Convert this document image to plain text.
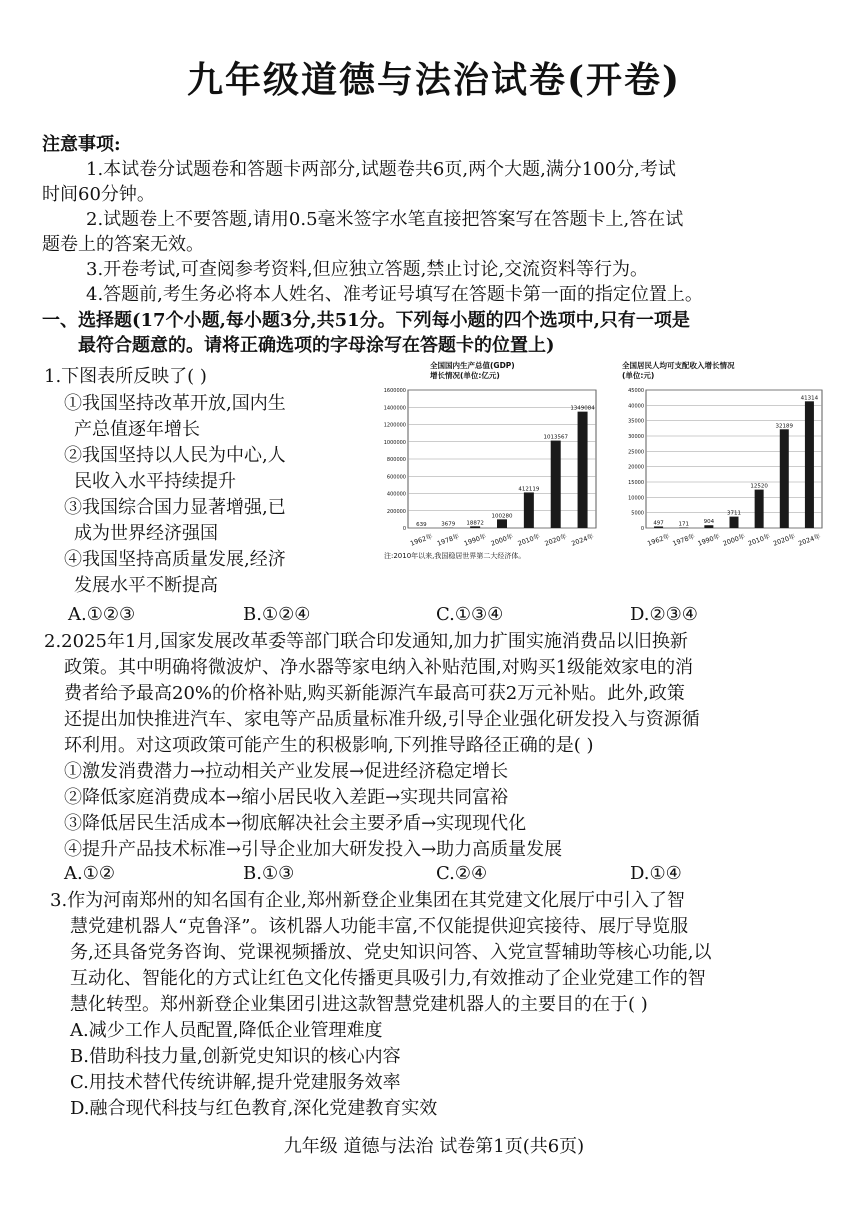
九年级道德与法治试卷(开卷)
注意事项:
1.本试卷分试题卷和答题卡两部分,试题卷共6页,两个大题,满分100分,考试
时间60分钟。
2.试题卷上不要答题,请用0.5毫米签字水笔直接把答案写在答题卡上,答在试
题卷上的答案无效。
3.开卷考试,可查阅参考资料,但应独立答题,禁止讨论,交流资料等行为。
4.答题前,考生务必将本人姓名、准考证号填写在答题卡第一面的指定位置上。
一、选择题(17个小题,每小题3分,共51分。下列每小题的四个选项中,只有一项是
最符合题意的。请将正确选项的字母涂写在答题卡的位置上)
1.下图表所反映了( )
①我国坚持改革开放,国内生
产总值逐年增长
②我国坚持以人民为中心,人
民收入水平持续提升
③我国综合国力显著增强,已
成为世界经济强国
④我国坚持高质量发展,经济
发展水平不断提高
全国国内生产总值(GDP)
增长情况(单位:亿元)
0
200000
400000
600000
800000
1000000
1200000
1400000
1600000
639
1962年
3679
1978年
18872
1990年
100280
2000年
412119
2010年
1013567
2020年
1349084
2024年
注:2010年以来,我国稳居世界第二大经济体。
全国居民人均可支配收入增长情况
(单位:元)
0
5000
10000
15000
20000
25000
30000
35000
40000
45000
497
1962年
171
1978年
904
1990年
3711
2000年
12520
2010年
32189
2020年
41314
2024年
A.①②③	B.①②④	C.①③④	D.②③④
2.2025年1月,国家发展改革委等部门联合印发通知,加力扩围实施消费品以旧换新
政策。其中明确将微波炉、净水器等家电纳入补贴范围,对购买1级能效家电的消
费者给予最高20%的价格补贴,购买新能源汽车最高可获2万元补贴。此外,政策
还提出加快推进汽车、家电等产品质量标准升级,引导企业强化研发投入与资源循
环利用。对这项政策可能产生的积极影响,下列推导路径正确的是( )
①激发消费潜力→拉动相关产业发展→促进经济稳定增长
②降低家庭消费成本→缩小居民收入差距→实现共同富裕
③降低居民生活成本→彻底解决社会主要矛盾→实现现代化
④提升产品技术标准→引导企业加大研发投入→助力高质量发展
A.①②	B.①③	C.②④	D.①④
3.作为河南郑州的知名国有企业,郑州新登企业集团在其党建文化展厅中引入了智
慧党建机器人“克鲁泽”。该机器人功能丰富,不仅能提供迎宾接待、展厅导览服
务,还具备党务咨询、党课视频播放、党史知识问答、入党宣誓辅助等核心功能,以
互动化、智能化的方式让红色文化传播更具吸引力,有效推动了企业党建工作的智
慧化转型。郑州新登企业集团引进这款智慧党建机器人的主要目的在于( )
A.减少工作人员配置,降低企业管理难度
B.借助科技力量,创新党史知识的核心内容
C.用技术替代传统讲解,提升党建服务效率
D.融合现代科技与红色教育,深化党建教育实效
九年级 道德与法治 试卷第1页(共6页)
